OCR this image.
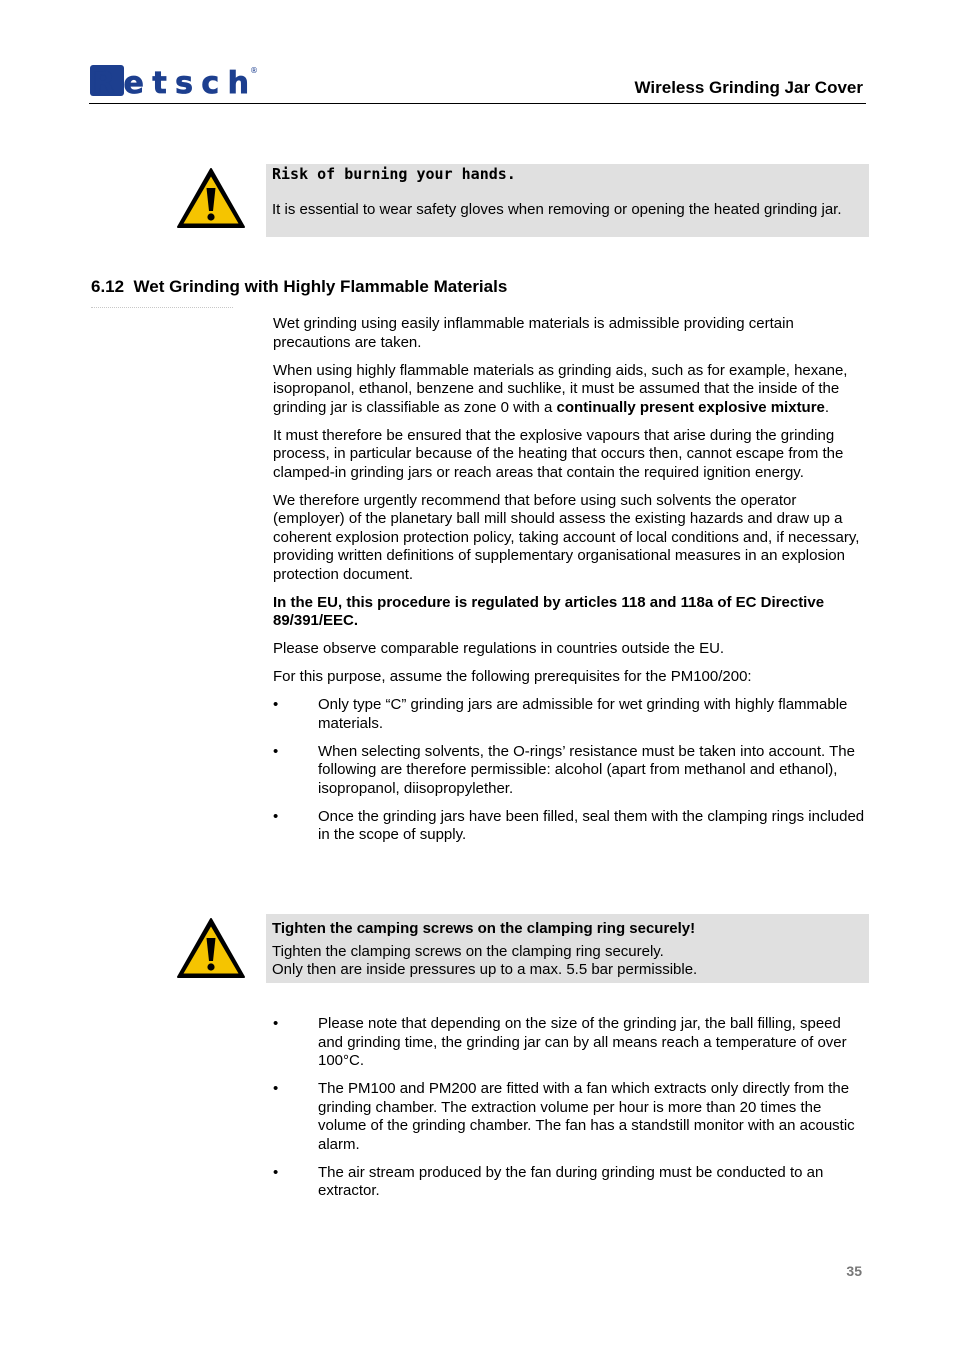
Retsch ®
Wireless Grinding Jar Cover

Risk of burning your hands.

It is essential to wear safety gloves when removing or opening the heated grinding jar.

6.12 Wet Grinding with Highly Flammable Materials

Wet grinding using easily inflammable materials is admissible providing certain precautions are taken.

When using highly flammable materials as grinding aids, such as for example, hexane, isopropanol, ethanol, benzene and suchlike, it must be assumed that the inside of the grinding jar is classifiable as zone 0 with a continually present explosive mixture.

It must therefore be ensured that the explosive vapours that arise during the grinding process, in particular because of the heating that occurs then, cannot escape from the clamped-in grinding jars or reach areas that contain the required ignition energy.

We therefore urgently recommend that before using such solvents the operator (employer) of the planetary ball mill should assess the existing hazards and draw up a coherent explosion protection policy, taking account of local conditions and, if necessary, providing written definitions of supplementary organisational measures in an explosion protection document.

In the EU, this procedure is regulated by articles 118 and 118a of EC Directive 89/391/EEC.

Please observe comparable regulations in countries outside the EU.

For this purpose, assume the following prerequisites for the PM100/200:

•	Only type “C” grinding jars are admissible for wet grinding with highly flammable materials.
•	When selecting solvents, the O-rings’ resistance must be taken into account. The following are therefore permissible: alcohol (apart from methanol and ethanol), isopropanol, diisopropylether.
•	Once the grinding jars have been filled, seal them with the clamping rings included in the scope of supply.

Tighten the camping screws on the clamping ring securely!

Tighten the clamping screws on the clamping ring securely.

Only then are inside pressures up to a max. 5.5 bar permissible.

•	Please note that depending on the size of the grinding jar, the ball filling, speed and grinding time, the grinding jar can by all means reach a temperature of over 100°C.
•	The PM100 and PM200 are fitted with a fan which extracts only directly from the grinding chamber. The extraction volume per hour is more than 20 times the volume of the grinding chamber. The fan has a standstill monitor with an acoustic alarm.
•	The air stream produced by the fan during grinding must be conducted to an extractor.
35
